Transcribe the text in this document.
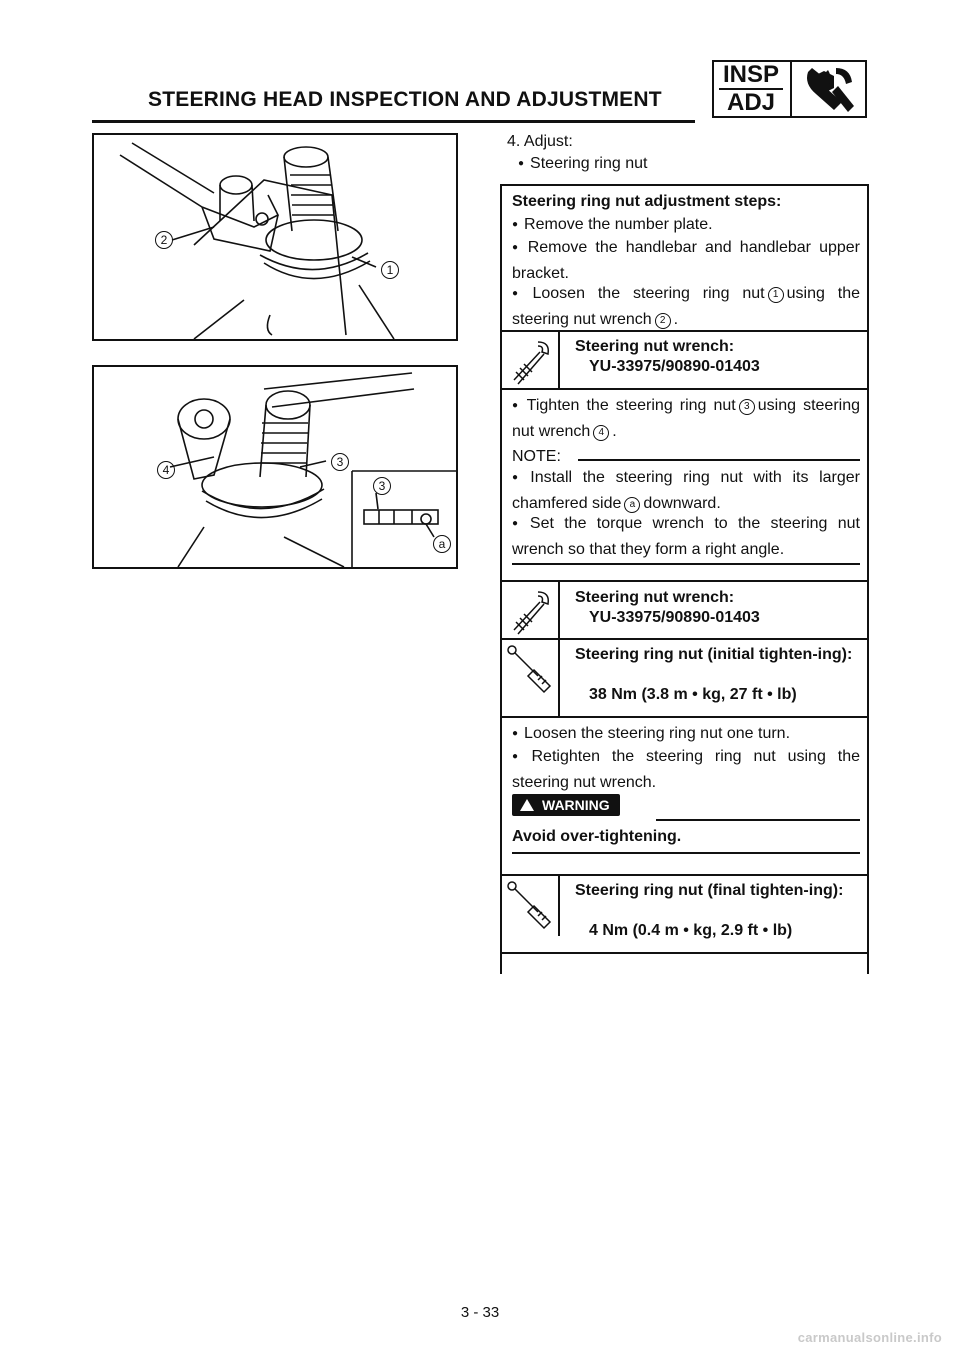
STEERING HEAD INSPECTION AND ADJUSTMENT
INSP
ADJ
2
1
4
3
3
a
4. Adjust:
● Steering ring nut
Steering ring nut adjustment steps:
● Remove the number plate.
● Remove the handlebar and handlebar upper bracket.
● Loosen the steering ring nut 1 using the steering nut wrench 2 .
Steering nut wrench:
YU-33975/90890-01403
● Tighten the steering ring nut 3 using steering nut wrench 4 .
NOTE:
● Install the steering ring nut with its larger chamfered side a downward.
● Set the torque wrench to the steering nut wrench so that they form a right angle.
Steering nut wrench:
YU-33975/90890-01403
Steering ring nut (initial tighten-ing):
38 Nm (3.8 m • kg, 27 ft • lb)
● Loosen the steering ring nut one turn.
● Retighten the steering ring nut using the steering nut wrench.
WARNING
Avoid over-tightening.
Steering ring nut (final tighten-ing):
4 Nm (0.4 m • kg, 2.9 ft • lb)
3 - 33
carmanualsonline.info
